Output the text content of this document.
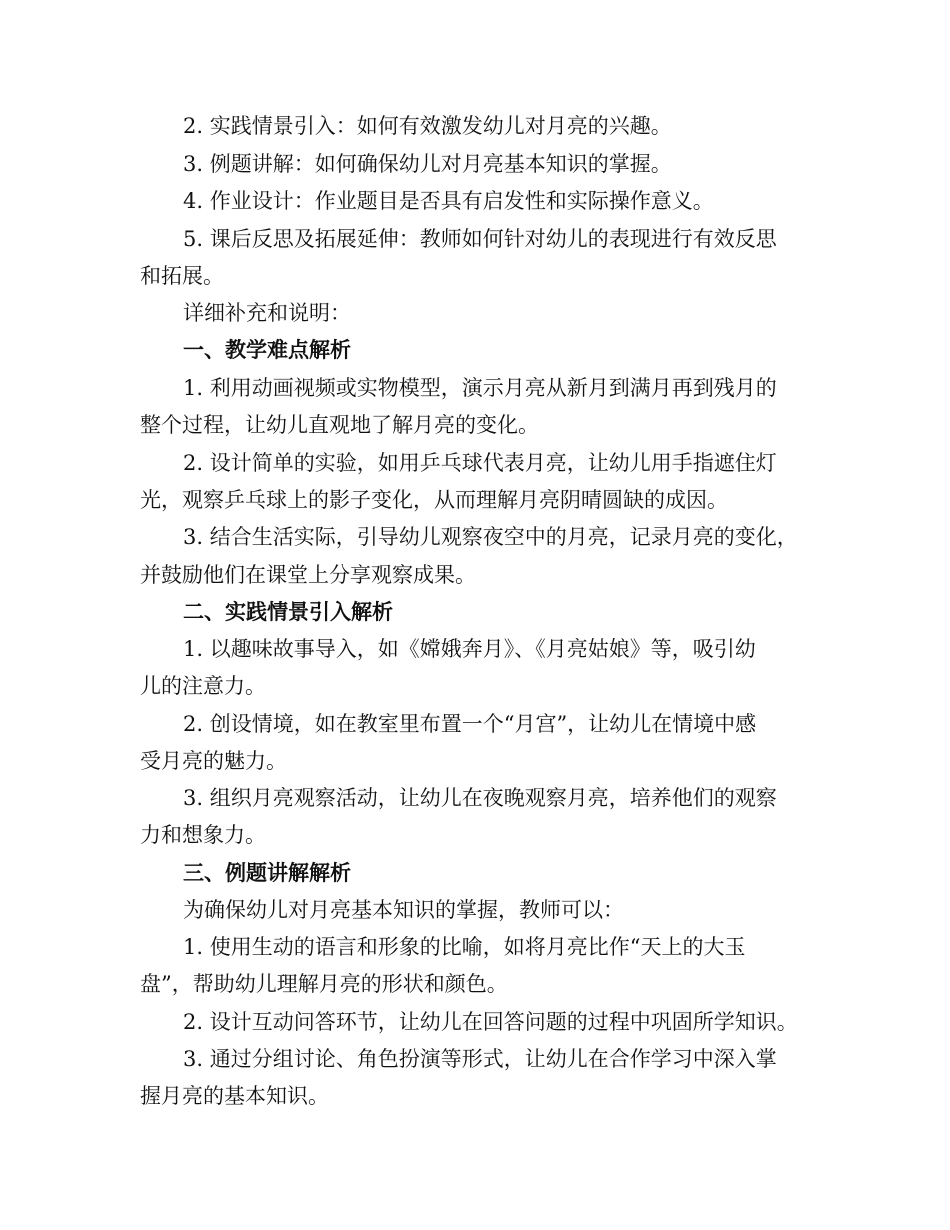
2. 实践情景引入：如何有效激发幼儿对月亮的兴趣。
3. 例题讲解：如何确保幼儿对月亮基本知识的掌握。
4. 作业设计：作业题目是否具有启发性和实际操作意义。
5. 课后反思及拓展延伸：教师如何针对幼儿的表现进行有效反思
和拓展。
详细补充和说明：
一、教学难点解析
1. 利用动画视频或实物模型，演示月亮从新月到满月再到残月的
整个过程，让幼儿直观地了解月亮的变化。
2. 设计简单的实验，如用乒乓球代表月亮，让幼儿用手指遮住灯
光，观察乒乓球上的影子变化，从而理解月亮阴晴圆缺的成因。
3. 结合生活实际，引导幼儿观察夜空中的月亮，记录月亮的变化，
并鼓励他们在课堂上分享观察成果。
二、实践情景引入解析
1. 以趣味故事导入，如《嫦娥奔月》、《月亮姑娘》等，吸引幼
儿的注意力。
2. 创设情境，如在教室里布置一个“月宫”，让幼儿在情境中感
受月亮的魅力。
3. 组织月亮观察活动，让幼儿在夜晚观察月亮，培养他们的观察
力和想象力。
三、例题讲解解析
为确保幼儿对月亮基本知识的掌握，教师可以：
1. 使用生动的语言和形象的比喻，如将月亮比作“天上的大玉
盘”，帮助幼儿理解月亮的形状和颜色。
2. 设计互动问答环节，让幼儿在回答问题的过程中巩固所学知识。
3. 通过分组讨论、角色扮演等形式，让幼儿在合作学习中深入掌
握月亮的基本知识。
